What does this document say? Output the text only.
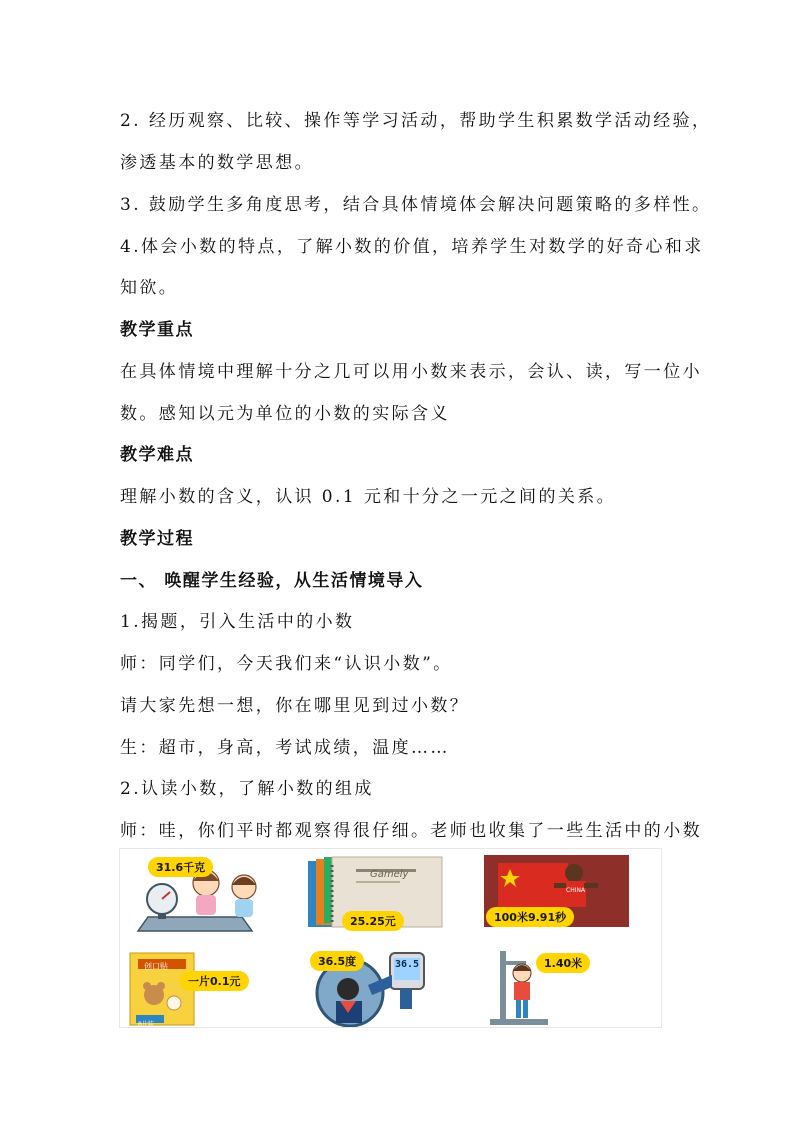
2. 经历观察、比较、操作等学习活动，帮助学生积累数学活动经验，
渗透基本的数学思想。
3. 鼓励学生多角度思考，结合具体情境体会解决问题策略的多样性。
4.体会小数的特点，了解小数的价值，培养学生对数学的好奇心和求
知欲。
教学重点
在具体情境中理解十分之几可以用小数来表示，会认、读，写一位小
数。感知以元为单位的小数的实际含义
教学难点
理解小数的含义，认识 0.1 元和十分之一元之间的关系。
教学过程
一、 唤醒学生经验，从生活情境导入
1.揭题，引入生活中的小数
师：同学们，今天我们来“认识小数”。
请大家先想一想，你在哪里见到过小数？
生：超市，身高，考试成绩，温度……
2.认读小数，了解小数的组成
师：哇，你们平时都观察得很仔细。老师也收集了一些生活中的小数
31.6千克
Gamely
25.25元
CHINA
100米9.91秒
创口贴
8片装
一片0.1元
36.5
36.5度	1.40米
